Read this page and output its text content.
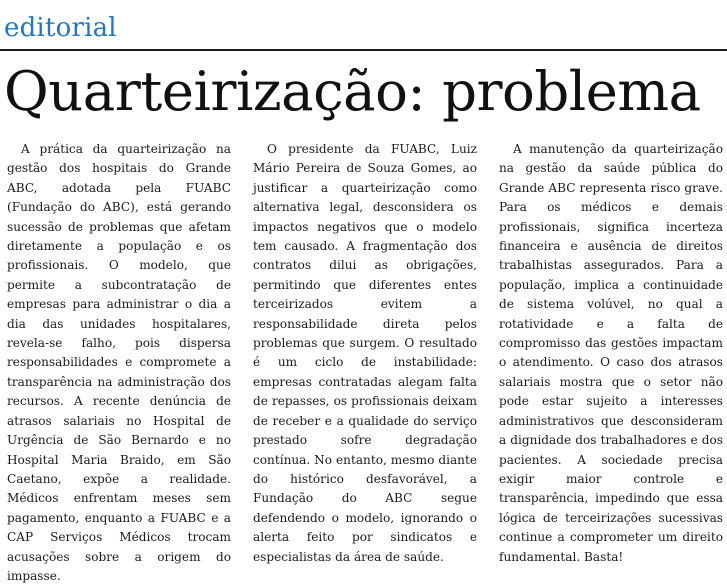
editorial
Quarteirização: problema

A prática da quarteirização na gestão dos hospitais do Grande ABC, adotada pela FUABC (Fundação do ABC), está gerando sucessão de problemas que afetam diretamente a população e os profissionais. O modelo, que permite a subcontratação de empresas para administrar o dia a dia das unidades hospitalares, revela-se falho, pois dispersa responsabilidades e compromete a transparência na administração dos recursos. A recente denúncia de atrasos salariais no Hospital de Urgência de São Bernardo e no Hospital Maria Braido, em São Caetano, expõe a realidade. Médicos enfrentam meses sem pagamento, enquanto a FUABC e a CAP Serviços Médicos trocam acusações sobre a origem do impasse.

O presidente da FUABC, Luiz Mário Pereira de Souza Gomes, ao justificar a quarteirização como alternativa legal, desconsidera os impactos negativos que o modelo tem causado. A fragmentação dos contratos dilui as obrigações, permitindo que diferentes entes terceirizados evitem a responsabilidade direta pelos problemas que surgem. O resultado é um ciclo de instabilidade: empresas contratadas alegam falta de repasses, os profissionais deixam de receber e a qualidade do serviço prestado sofre degradação contínua. No entanto, mesmo diante do histórico desfavorável, a Fundação do ABC segue defendendo o modelo, ignorando o alerta feito por sindicatos e especialistas da área de saúde.

A manutenção da quarteirização na gestão da saúde pública do Grande ABC representa risco grave. Para os médicos e demais profissionais, significa incerteza financeira e ausência de direitos trabalhistas assegurados. Para a população, implica a continuidade de sistema volúvel, no qual a rotatividade e a falta de compromisso das gestões impactam o atendimento. O caso dos atrasos salariais mostra que o setor não pode estar sujeito a interesses administrativos que desconsideram a dignidade dos trabalhadores e dos pacientes. A sociedade precisa exigir maior controle e transparência, impedindo que essa lógica de terceirizações sucessivas continue a comprometer um direito fundamental. Basta!
